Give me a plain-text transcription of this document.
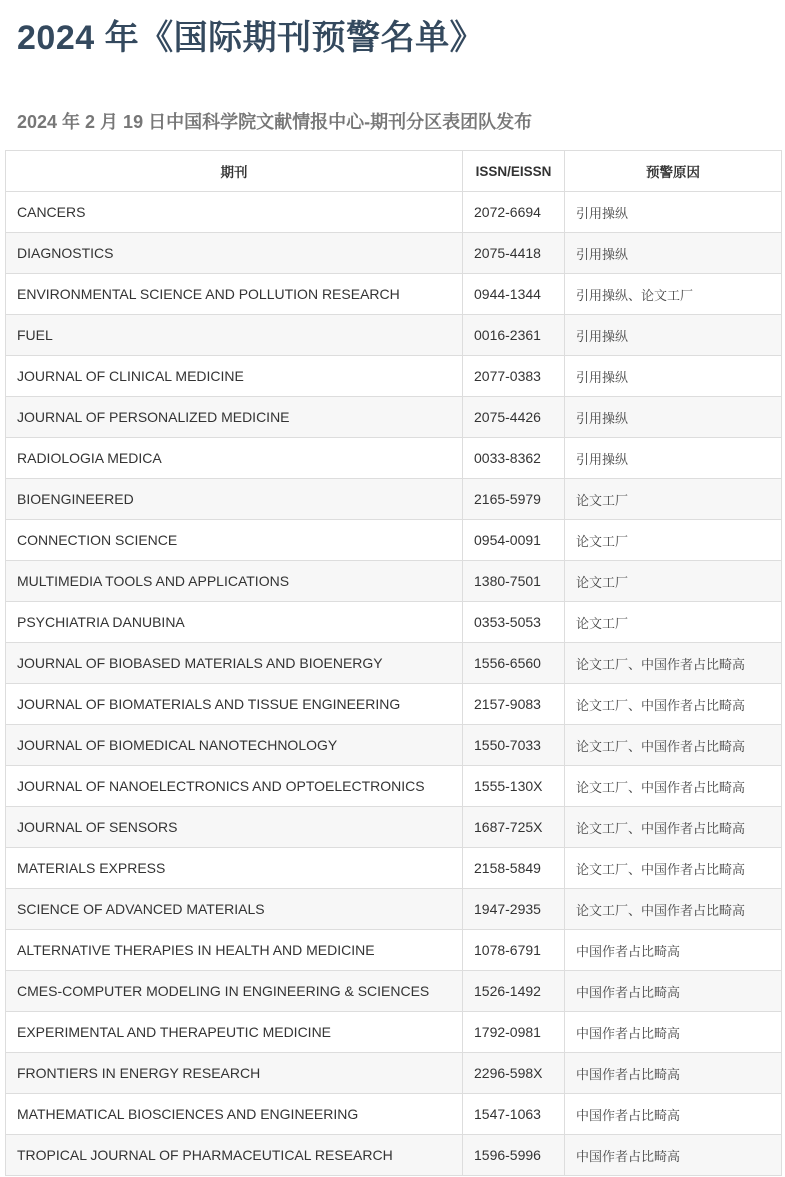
2024 年《国际期刊预警名单》
2024 年 2 月 19 日中国科学院文献情报中心-期刊分区表团队发布
期刊	ISSN/EISSN	预警原因
CANCERS	2072-6694	引用操纵
DIAGNOSTICS	2075-4418	引用操纵
ENVIRONMENTAL SCIENCE AND POLLUTION RESEARCH	0944-1344	引用操纵、论文工厂
FUEL	0016-2361	引用操纵
JOURNAL OF CLINICAL MEDICINE	2077-0383	引用操纵
JOURNAL OF PERSONALIZED MEDICINE	2075-4426	引用操纵
RADIOLOGIA MEDICA	0033-8362	引用操纵
BIOENGINEERED	2165-5979	论文工厂
CONNECTION SCIENCE	0954-0091	论文工厂
MULTIMEDIA TOOLS AND APPLICATIONS	1380-7501	论文工厂
PSYCHIATRIA DANUBINA	0353-5053	论文工厂
JOURNAL OF BIOBASED MATERIALS AND BIOENERGY	1556-6560	论文工厂、中国作者占比畸高
JOURNAL OF BIOMATERIALS AND TISSUE ENGINEERING	2157-9083	论文工厂、中国作者占比畸高
JOURNAL OF BIOMEDICAL NANOTECHNOLOGY	1550-7033	论文工厂、中国作者占比畸高
JOURNAL OF NANOELECTRONICS AND OPTOELECTRONICS	1555-130X	论文工厂、中国作者占比畸高
JOURNAL OF SENSORS	1687-725X	论文工厂、中国作者占比畸高
MATERIALS EXPRESS	2158-5849	论文工厂、中国作者占比畸高
SCIENCE OF ADVANCED MATERIALS	1947-2935	论文工厂、中国作者占比畸高
ALTERNATIVE THERAPIES IN HEALTH AND MEDICINE	1078-6791	中国作者占比畸高
CMES-COMPUTER MODELING IN ENGINEERING & SCIENCES	1526-1492	中国作者占比畸高
EXPERIMENTAL AND THERAPEUTIC MEDICINE	1792-0981	中国作者占比畸高
FRONTIERS IN ENERGY RESEARCH	2296-598X	中国作者占比畸高
MATHEMATICAL BIOSCIENCES AND ENGINEERING	1547-1063	中国作者占比畸高
TROPICAL JOURNAL OF PHARMACEUTICAL RESEARCH	1596-5996	中国作者占比畸高
